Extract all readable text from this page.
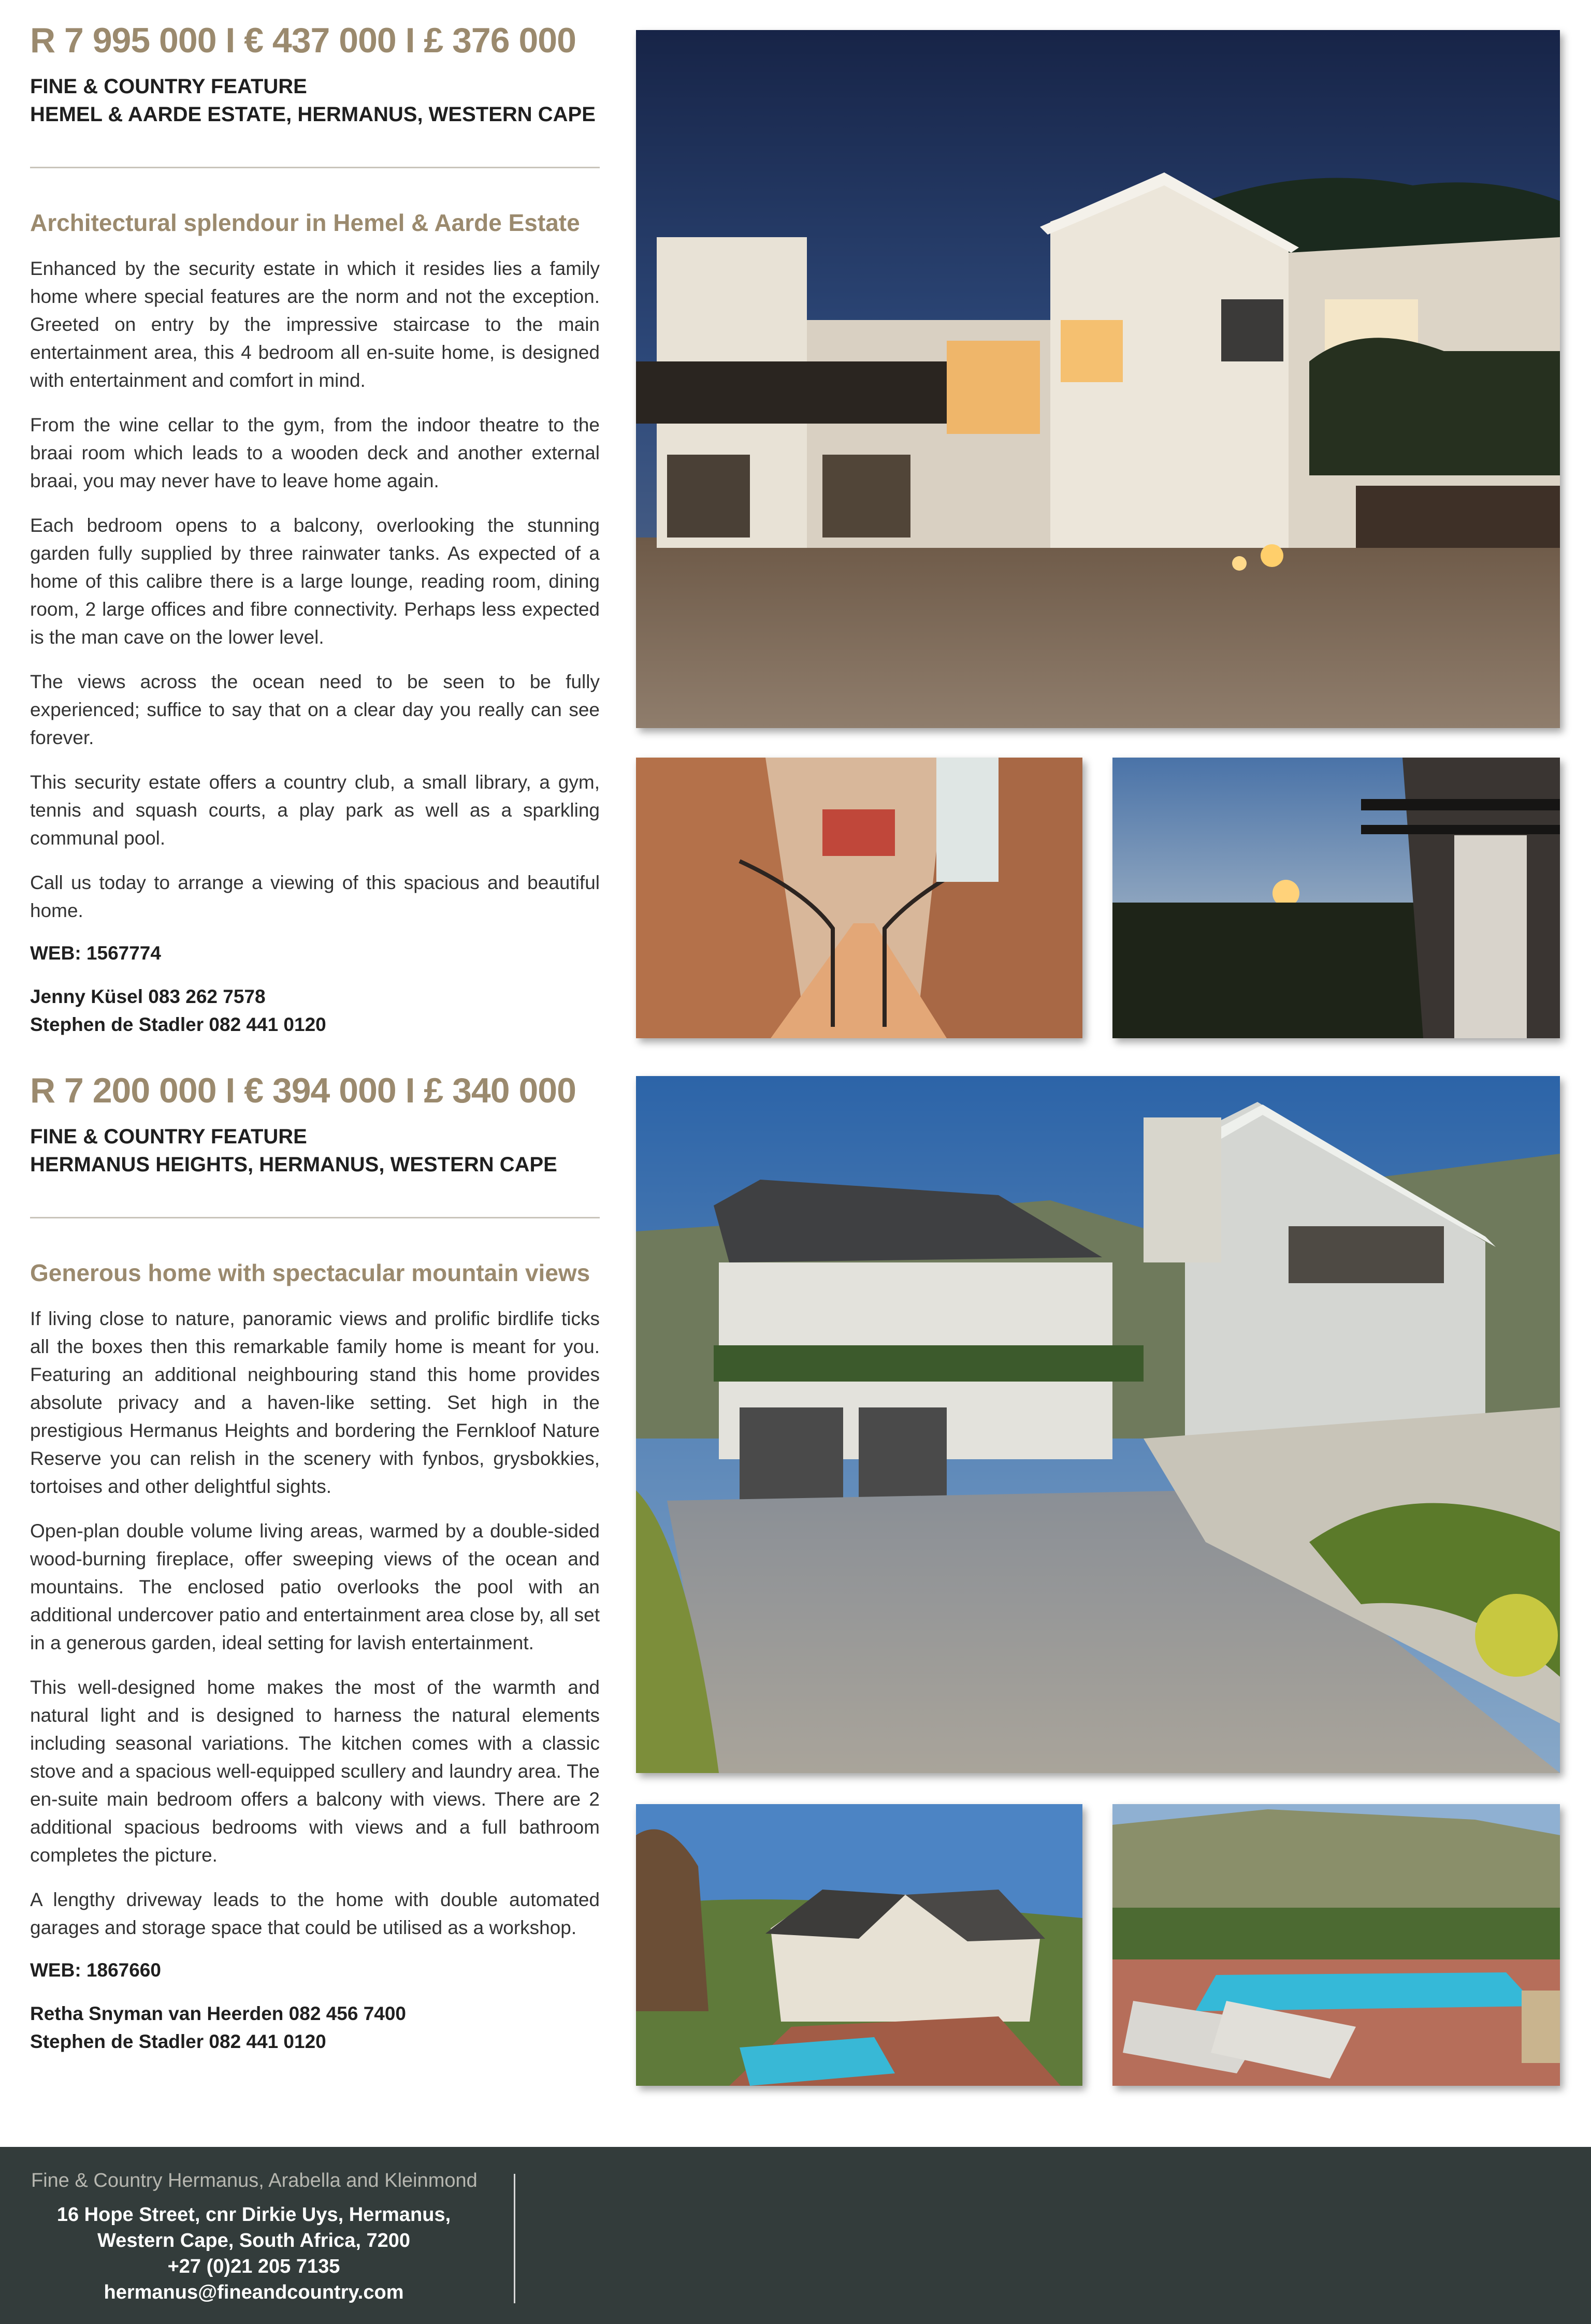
R 7 995 000 I € 437 000 I £ 376 000
FINE & COUNTRY FEATURE
HEMEL & AARDE ESTATE, HERMANUS, WESTERN CAPE
Architectural splendour in Hemel & Aarde Estate

Enhanced by the security estate in which it resides lies a family home where special features are the norm and not the exception. Greeted on entry by the impressive staircase to the main entertainment area, this 4 bedroom all en-suite home, is designed with entertainment and comfort in mind.

From the wine cellar to the gym, from the indoor theatre to the braai room which leads to a wooden deck and another external braai, you may never have to leave home again.

Each bedroom opens to a balcony, overlooking the stunning garden fully supplied by three rainwater tanks. As expected of a home of this calibre there is a large lounge, reading room, dining room, 2 large offices and fibre connectivity. Perhaps less expected is the man cave on the lower level.

The views across the ocean need to be seen to be fully experienced; suffice to say that on a clear day you really can see forever.

This security estate offers a country club, a small library, a gym, tennis and squash courts, a play park as well as a sparkling communal pool.

Call us today to arrange a viewing of this spacious and beautiful home.

WEB: 1567774
Jenny Küsel 083 262 7578
Stephen de Stadler 082 441 0120
R 7 200 000 I € 394 000 I £ 340 000
FINE & COUNTRY FEATURE
HERMANUS HEIGHTS, HERMANUS, WESTERN CAPE
Generous home with spectacular mountain views

If living close to nature, panoramic views and prolific birdlife ticks all the boxes then this remarkable family home is meant for you. Featuring an additional neighbouring stand this home provides absolute privacy and a haven-like setting. Set high in the prestigious Hermanus Heights and bordering the Fernkloof Nature Reserve you can relish in the scenery with fynbos, grysbokkies, tortoises and other delightful sights.

Open-plan double volume living areas, warmed by a double-sided wood-burning fireplace, offer sweeping views of the ocean and mountains. The enclosed patio overlooks the pool with an additional undercover patio and entertainment area close by, all set in a generous garden, ideal setting for lavish entertainment.

This well-designed home makes the most of the warmth and natural light and is designed to harness the natural elements including seasonal variations. The kitchen comes with a classic stove and a spacious well-equipped scullery and laundry area. The en-suite main bedroom offers a balcony with views. There are 2 additional spacious bedrooms with views and a full bathroom completes the picture.

A lengthy driveway leads to the home with double automated garages and storage space that could be utilised as a workshop.

WEB: 1867660
Retha Snyman van Heerden 082 456 7400
Stephen de Stadler 082 441 0120
Fine & Country Hermanus, Arabella and Kleinmond
16 Hope Street, cnr Dirkie Uys, Hermanus,
Western Cape, South Africa, 7200
+27 (0)21 205 7135
hermanus@fineandcountry.com
